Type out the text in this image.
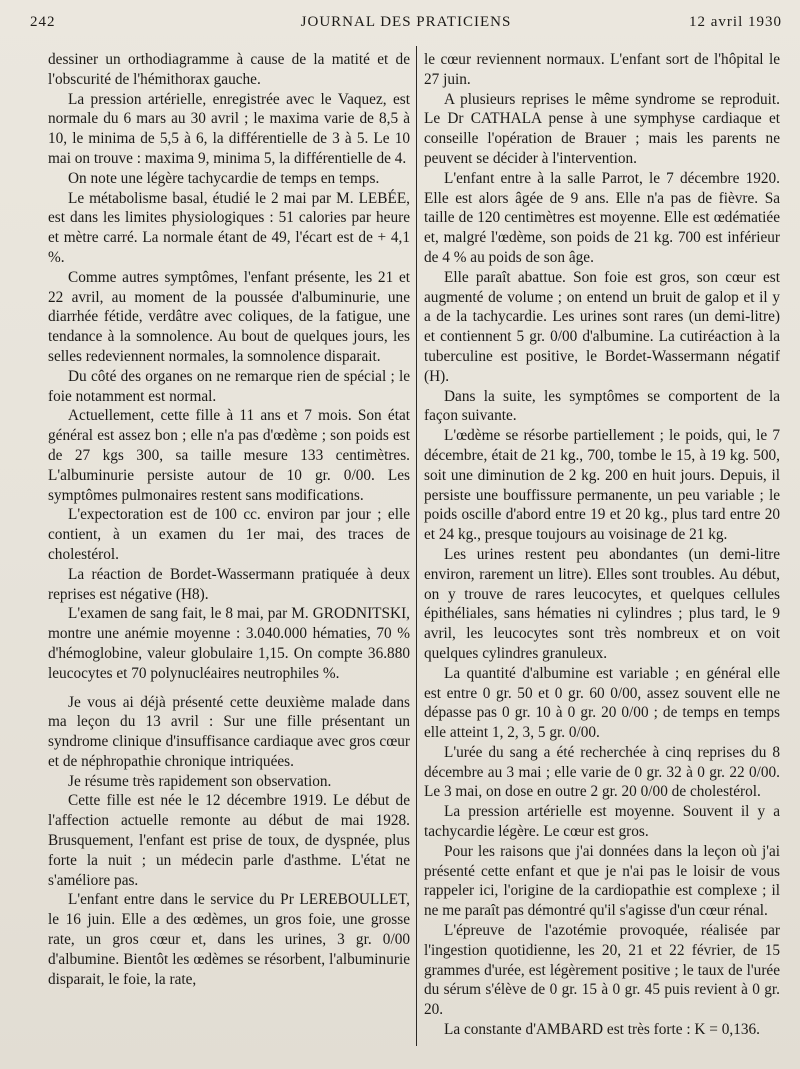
242	JOURNAL DES PRATICIENS	12 avril 1930

dessiner un orthodiagramme à cause de la matité et de l'obscurité de l'hémithorax gauche.

La pression artérielle, enregistrée avec le Vaquez, est normale du 6 mars au 30 avril ; le maxima varie de 8,5 à 10, le minima de 5,5 à 6, la différentielle de 3 à 5. Le 10 mai on trouve : maxima 9, minima 5, la différentielle de 4.

On note une légère tachycardie de temps en temps.

Le métabolisme basal, étudié le 2 mai par M. LEBÉE, est dans les limites physiologiques : 51 calories par heure et mètre carré. La normale étant de 49, l'écart est de + 4,1 %.

Comme autres symptômes, l'enfant présente, les 21 et 22 avril, au moment de la poussée d'albuminurie, une diarrhée fétide, verdâtre avec coliques, de la fatigue, une tendance à la somnolence. Au bout de quelques jours, les selles redeviennent normales, la somnolence disparait.

Du côté des organes on ne remarque rien de spécial ; le foie notamment est normal.

Actuellement, cette fille à 11 ans et 7 mois. Son état général est assez bon ; elle n'a pas d'œdème ; son poids est de 27 kgs 300, sa taille mesure 133 centimètres. L'albuminurie persiste autour de 10 gr. 0/00. Les symptômes pulmonaires restent sans modifications.

L'expectoration est de 100 cc. environ par jour ; elle contient, à un examen du 1er mai, des traces de cholestérol.

La réaction de Bordet-Wassermann pratiquée à deux reprises est négative (H8).

L'examen de sang fait, le 8 mai, par M. GRODNITSKI, montre une anémie moyenne : 3.040.000 hématies, 70 % d'hémoglobine, valeur globulaire 1,15. On compte 36.880 leucocytes et 70 polynucléaires neutrophiles %.

Je vous ai déjà présenté cette deuxième malade dans ma leçon du 13 avril : Sur une fille présentant un syndrome clinique d'insuffisance cardiaque avec gros cœur et de néphropathie chronique intriquées.

Je résume très rapidement son observation.

Cette fille est née le 12 décembre 1919. Le début de l'affection actuelle remonte au début de mai 1928. Brusquement, l'enfant est prise de toux, de dyspnée, plus forte la nuit ; un médecin parle d'asthme. L'état ne s'améliore pas.

L'enfant entre dans le service du Pr LEREBOULLET, le 16 juin. Elle a des œdèmes, un gros foie, une grosse rate, un gros cœur et, dans les urines, 3 gr. 0/00 d'albumine. Bientôt les œdèmes se résorbent, l'albuminurie disparait, le foie, la rate,

le cœur reviennent normaux. L'enfant sort de l'hôpital le 27 juin.

A plusieurs reprises le même syndrome se reproduit. Le Dr CATHALA pense à une symphyse cardiaque et conseille l'opération de Brauer ; mais les parents ne peuvent se décider à l'intervention.

L'enfant entre à la salle Parrot, le 7 décembre 1920. Elle est alors âgée de 9 ans. Elle n'a pas de fièvre. Sa taille de 120 centimètres est moyenne. Elle est œdématiée et, malgré l'œdème, son poids de 21 kg. 700 est inférieur de 4 % au poids de son âge.

Elle paraît abattue. Son foie est gros, son cœur est augmenté de volume ; on entend un bruit de galop et il y a de la tachycardie. Les urines sont rares (un demi-litre) et contiennent 5 gr. 0/00 d'albumine. La cutiréaction à la tuberculine est positive, le Bordet-Wassermann négatif (H).

Dans la suite, les symptômes se comportent de la façon suivante.

L'œdème se résorbe partiellement ; le poids, qui, le 7 décembre, était de 21 kg., 700, tombe le 15, à 19 kg. 500, soit une diminution de 2 kg. 200 en huit jours. Depuis, il persiste une bouffissure permanente, un peu variable ; le poids oscille d'abord entre 19 et 20 kg., plus tard entre 20 et 24 kg., presque toujours au voisinage de 21 kg.

Les urines restent peu abondantes (un demi-litre environ, rarement un litre). Elles sont troubles. Au début, on y trouve de rares leucocytes, et quelques cellules épithéliales, sans hématies ni cylindres ; plus tard, le 9 avril, les leucocytes sont très nombreux et on voit quelques cylindres granuleux.

La quantité d'albumine est variable ; en général elle est entre 0 gr. 50 et 0 gr. 60 0/00, assez souvent elle ne dépasse pas 0 gr. 10 à 0 gr. 20 0/00 ; de temps en temps elle atteint 1, 2, 3, 5 gr. 0/00.

L'urée du sang a été recherchée à cinq reprises du 8 décembre au 3 mai ; elle varie de 0 gr. 32 à 0 gr. 22 0/00. Le 3 mai, on dose en outre 2 gr. 20 0/00 de cholestérol.

La pression artérielle est moyenne. Souvent il y a tachycardie légère. Le cœur est gros.

Pour les raisons que j'ai données dans la leçon où j'ai présenté cette enfant et que je n'ai pas le loisir de vous rappeler ici, l'origine de la cardiopathie est complexe ; il ne me paraît pas démontré qu'il s'agisse d'un cœur rénal.

L'épreuve de l'azotémie provoquée, réalisée par l'ingestion quotidienne, les 20, 21 et 22 février, de 15 grammes d'urée, est légèrement positive ; le taux de l'urée du sérum s'élève de 0 gr. 15 à 0 gr. 45 puis revient à 0 gr. 20.

La constante d'AMBARD est très forte : K = 0,136.
